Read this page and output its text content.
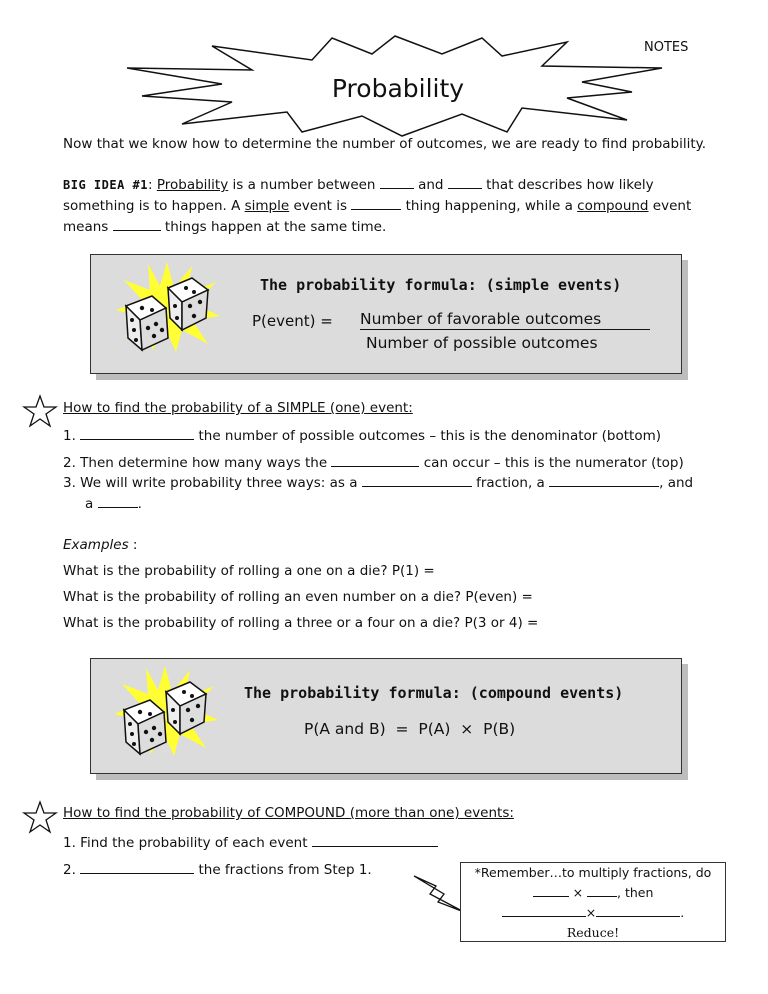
NOTES
Probability
Now that we know how to determine the number of outcomes, we are ready to find probability.
BIG IDEA #1: Probability is a number between	and	that describes how likely
something is to happen. A simple event is	thing happening, while a compound event
means	things happen at the same time.
The probability formula: (simple events)
P(event) = Number of favorable outcomes
Number of possible outcomes
How to find the probability of a SIMPLE (one) event:
1.	the number of possible outcomes – this is the denominator (bottom)
2. Then determine how many ways the	can occur – this is the numerator (top)
3. We will write probability three ways: as a	fraction, a	, and
a	.
Examples :
What is the probability of rolling a one on a die? P(1) =
What is the probability of rolling an even number on a die? P(even) =
What is the probability of rolling a three or a four on a die? P(3 or 4) =
The probability formula: (compound events)
P(A and B)  =  P(A)  ×  P(B)
How to find the probability of COMPOUND (more than one) events:
1. Find the probability of each event
2.	the fractions from Step 1.	*Remember…to multiply fractions, do
×	, then
×	.
Reduce!
